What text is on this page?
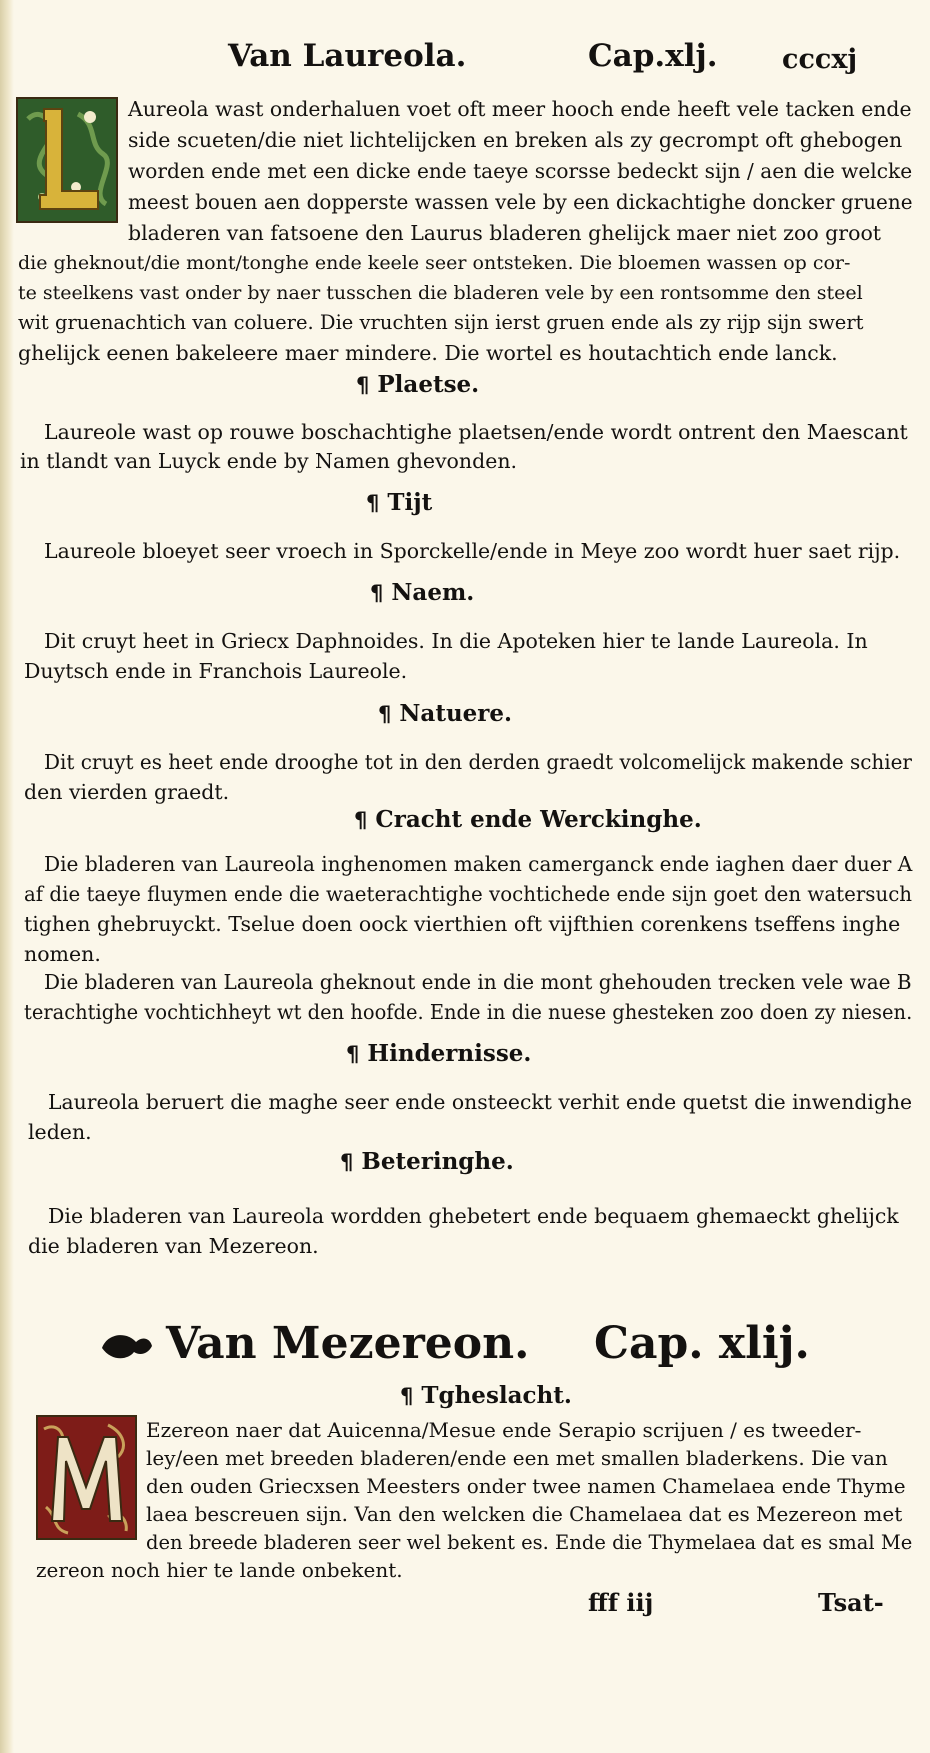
Van Laureola.	Cap.xlj. cccxj
Aureola wast onderhaluen voet oft meer hooch ende heeft vele tacken ende
side scueten/die niet lichtelijcken en breken als zy gecrompt oft ghebogen
worden ende met een dicke ende taeye scorsse bedeckt sijn / aen die welcke
meest bouen aen dopperste wassen vele by een dickachtighe doncker gruene
bladeren van fatsoene den Laurus bladeren ghelijck maer niet zoo groot
die gheknout/die mont/tonghe ende keele seer ontsteken. Die bloemen wassen op cor-
te steelkens vast onder by naer tusschen die bladeren vele by een rontsomme den steel
wit gruenachtich van coluere. Die vruchten sijn ierst gruen ende als zy rijp sijn swert
ghelijck eenen bakeleere maer mindere. Die wortel es houtachtich ende lanck.
¶ Plaetse.
Laureole wast op rouwe boschachtighe plaetsen/ende wordt ontrent den Maescant
in tlandt van Luyck ende by Namen ghevonden.
¶ Tijt
Laureole bloeyet seer vroech in Sporckelle/ende in Meye zoo wordt huer saet rijp.
¶ Naem.
Dit cruyt heet in Griecx Daphnoides. In die Apoteken hier te lande Laureola. In
Duytsch ende in Franchois Laureole.
¶ Natuere.
Dit cruyt es heet ende drooghe tot in den derden graedt volcomelijck makende schier
den vierden graedt.
¶ Cracht ende Werckinghe.
Die bladeren van Laureola inghenomen maken camerganck ende iaghen daer duer A
af die taeye fluymen ende die waeterachtighe vochtichede ende sijn goet den watersuch
tighen ghebruyckt. Tselue doen oock vierthien oft vijfthien corenkens tseffens inghe
nomen.
Die bladeren van Laureola gheknout ende in die mont ghehouden trecken vele wae B
terachtighe vochtichheyt wt den hoofde. Ende in die nuese ghesteken zoo doen zy niesen.
¶ Hindernisse.
Laureola beruert die maghe seer ende onsteeckt verhit ende quetst die inwendighe
leden.
¶ Beteringhe.
Die bladeren van Laureola wordden ghebetert ende bequaem ghemaeckt ghelijck
die bladeren van Mezereon.
Van Mezereon. Cap. xlij.
¶ Tgheslacht.
Ezereon naer dat Auicenna/Mesue ende Serapio scrijuen / es tweeder-
ley/een met breeden bladeren/ende een met smallen bladerkens. Die van
den ouden Griecxsen Meesters onder twee namen Chamelaea ende Thyme
laea bescreuen sijn. Van den welcken die Chamelaea dat es Mezereon met
den breede bladeren seer wel bekent es. Ende die Thymelaea dat es smal Me
zereon noch hier te lande onbekent.
fff iij	Tsat-
